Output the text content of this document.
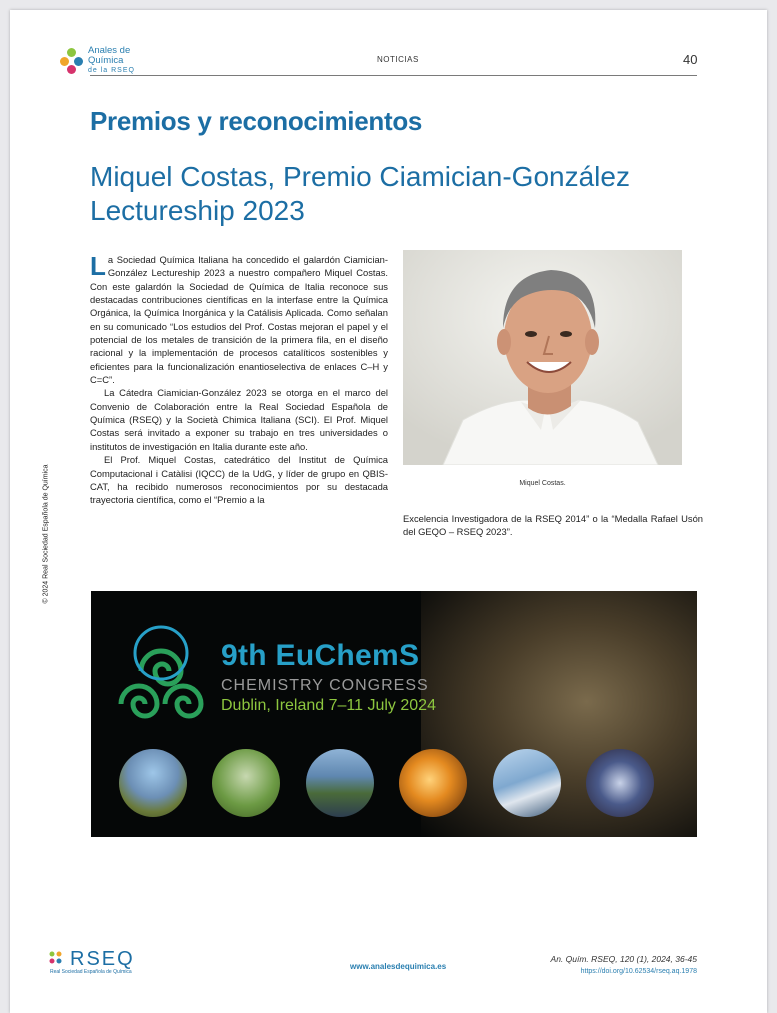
Anales de
Química
de la RSEQ
NOTICIAS	40
Premios y reconocimientos
Miquel Costas, Premio Ciamician-González Lectureship 2023

La Sociedad Química Italiana ha concedido el galardón Ciamician-González Lectureship 2023 a nuestro compañero Miquel Costas. Con este galardón la Sociedad de Química de Italia reconoce sus destacadas contribuciones científicas en la interfase entre la Química Orgánica, la Química Inorgánica y la Catálisis Aplicada. Como señalan en su comunicado “Los estudios del Prof. Costas mejoran el papel y el potencial de los metales de transición de la primera fila, en el diseño racional y la implementación de procesos catalíticos sostenibles y eficientes para la funcionalización enantioselectiva de enlaces C–H y C=C”.

La Cátedra Ciamician-González 2023 se otorga en el marco del Convenio de Colaboración entre la Real Sociedad Española de Química (RSEQ) y la Società Chimica Italiana (SCI). El Prof. Miquel Costas será invitado a exponer su trabajo en tres universidades o institutos de investigación en Italia durante este año.

El Prof. Miquel Costas, catedrático del Institut de Química Computacional i Catàlisi (IQCC) de la UdG, y líder de grupo en QBIS-CAT, ha recibido numerosos reconocimientos por su destacada trayectoria científica, como el “Premio a la

Miquel Costas.

Excelencia Investigadora de la RSEQ 2014” o la “Medalla Rafael Usón del GEQO – RSEQ 2023”.

© 2024 Real Sociedad Española de Química
9th EuChemS
CHEMISTRY CONGRESS
Dublin, Ireland 7–11 July 2024
RSEQ
Real Sociedad Española de Química
www.analesdequimica.es
An. Quím. RSEQ, 120 (1), 2024, 36-45
https://doi.org/10.62534/rseq.aq.1978
